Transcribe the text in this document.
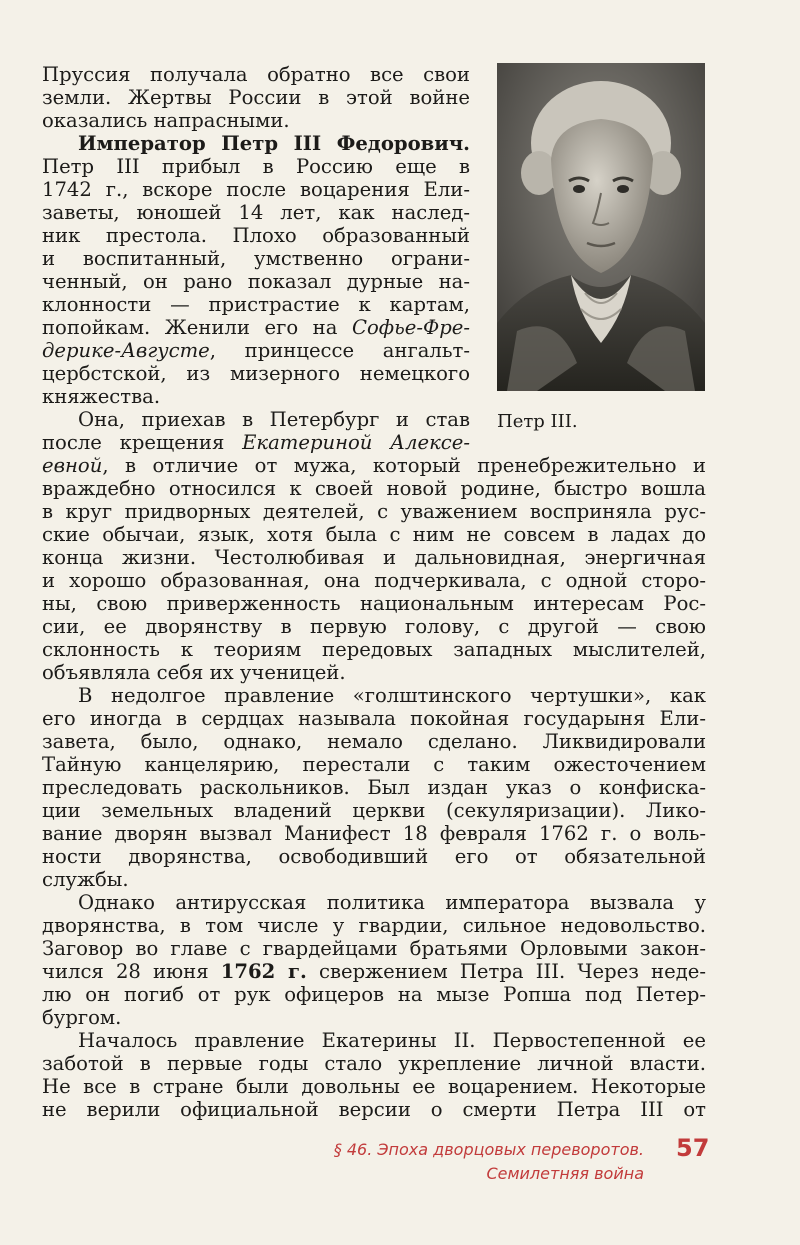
Петр III.
Пруссия получала обратно все свои
земли. Жертвы России в этой войне
оказались напрасными.
Император Петр III Федорович.
Петр III прибыл в Россию еще в
1742 г., вскоре после воцарения Ели-
заветы, юношей 14 лет, как наслед-
ник престола. Плохо образованный
и воспитанный, умственно ограни-
ченный, он рано показал дурные на-
клонности — пристрастие к картам,
попойкам. Женили его на Софье-Фре-
дерике-Августе, принцессе ангальт-
цербстской, из мизерного немецкого
княжества.
Она, приехав в Петербург и став
после крещения Екатериной Алексе-
евной, в отличие от мужа, который пренебрежительно и
враждебно относился к своей новой родине, быстро вошла
в круг придворных деятелей, с уважением восприняла рус-
ские обычаи, язык, хотя была с ним не совсем в ладах до
конца жизни. Честолюбивая и дальновидная, энергичная
и хорошо образованная, она подчеркивала, с одной сторо-
ны, свою приверженность национальным интересам Рос-
сии, ее дворянству в первую голову, с другой — свою
склонность к теориям передовых западных мыслителей,
объявляла себя их ученицей.
В недолгое правление «голштинского чертушки», как
его иногда в сердцах называла покойная государыня Ели-
завета, было, однако, немало сделано. Ликвидировали
Тайную канцелярию, перестали с таким ожесточением
преследовать раскольников. Был издан указ о конфиска-
ции земельных владений церкви (секуляризации). Лико-
вание дворян вызвал Манифест 18 февраля 1762 г. о воль-
ности дворянства, освободивший его от обязательной
службы.
Однако антирусская политика императора вызвала у
дворянства, в том числе у гвардии, сильное недовольство.
Заговор во главе с гвардейцами братьями Орловыми закон-
чился 28 июня 1762 г. свержением Петра III. Через неде-
лю он погиб от рук офицеров на мызе Ропша под Петер-
бургом.
Началось правление Екатерины II. Первостепенной ее
заботой в первые годы стало укрепление личной власти.
Не все в стране были довольны ее воцарением. Некоторые
не верили официальной версии о смерти Петра III от
§ 46. Эпоха дворцовых переворотов.
Семилетняя война
57
